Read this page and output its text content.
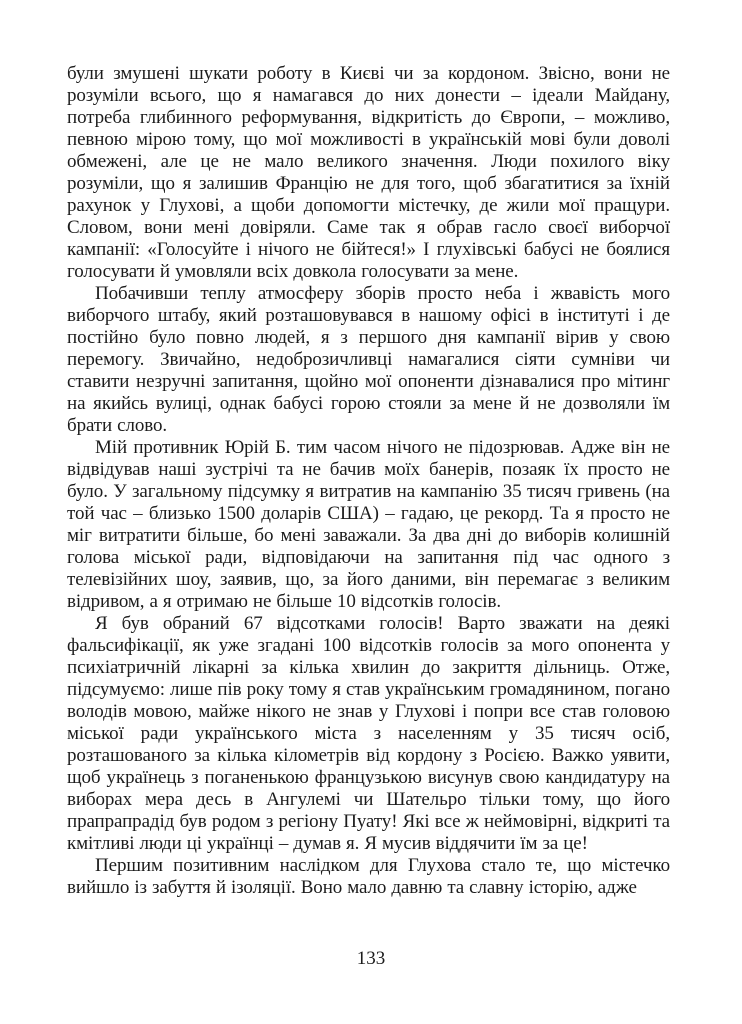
були змушені шукати роботу в Києві чи за кордоном. Звісно, вони не розуміли всього, що я намагався до них донести – ідеали Майдану, потреба глибинного реформування, відкритість до Європи, – можливо, певною мірою тому, що мої можливості в українській мові були доволі обмежені, але це не мало великого значення. Люди похилого віку розуміли, що я залишив Францію не для того, щоб збагатитися за їхній рахунок у Глухові, а щоби допомогти містечку, де жили мої пращури. Словом, вони мені довіряли. Саме так я обрав гасло своєї виборчої кампанії: «Голосуйте і нічого не бійтеся!» І глухівські бабусі не боялися голосувати й умовляли всіх довкола голосувати за мене.

Побачивши теплу атмосферу зборів просто неба і жвавість мого виборчого штабу, який розташовувався в нашому офісі в інституті і де постійно було повно людей, я з першого дня кампанії вірив у свою перемогу. Звичайно, недоброзичливці намагалися сіяти сумніви чи ставити незручні запитання, щойно мої опоненти дізнавалися про мітинг на якийсь вулиці, однак бабусі горою стояли за мене й не дозволяли їм брати слово.

Мій противник Юрій Б. тим часом нічого не підозрював. Адже він не відвідував наші зустрічі та не бачив моїх банерів, позаяк їх просто не було. У загальному підсумку я витратив на кампанію 35 тисяч гривень (на той час – близько 1500 доларів США) – гадаю, це рекорд. Та я просто не міг витратити більше, бо мені заважали. За два дні до виборів колишній голова міської ради, відповідаючи на запитання під час одного з телевізійних шоу, заявив, що, за його даними, він перемагає з великим відривом, а я отримаю не більше 10 відсотків голосів.

Я був обраний 67 відсотками голосів! Варто зважати на деякі фальсифікації, як уже згадані 100 відсотків голосів за мого опонента у психіатричній лікарні за кілька хвилин до закриття дільниць. Отже, підсумуємо: лише пів року тому я став українським громадянином, погано володів мовою, майже нікого не знав у Глухові і попри все став головою міської ради українського міста з населенням у 35 тисяч осіб, розташованого за кілька кілометрів від кордону з Росією. Важко уявити, щоб українець з поганенькою французькою висунув свою кандидатуру на виборах мера десь в Ангулемі чи Шательро тільки тому, що його прапрапрадід був родом з регіону Пуату! Які все ж неймовірні, відкриті та кмітливі люди ці українці – думав я. Я мусив віддячити їм за це!

Першим позитивним наслідком для Глухова стало те, що містечко вийшло із забуття й ізоляції. Воно мало давню та славну історію, адже

133
